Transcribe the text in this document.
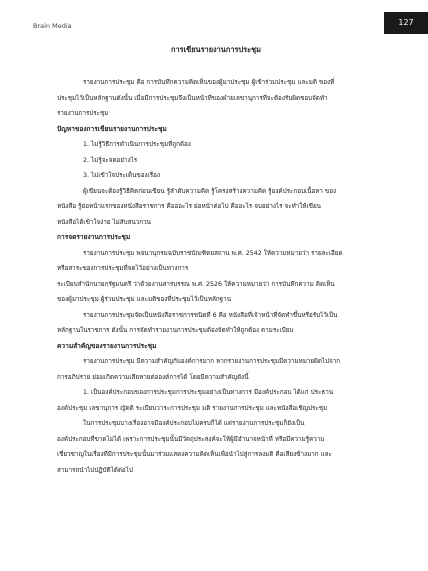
Brain Media	127
การเขียนรายงานการประชุม
รายงานการประชุม คือ การบันทึกความคิดเห็นของผู้มาประชุม ผู้เข้าร่วมประชุม และมติ ของที่
ประชุมไว้เป็นหลักฐานดังนั้น เมื่อมีการประชุมจึงเป็นหน้าที่ของฝ่ายเลขานุการที่จะต้องรับผิดชอบจัดทำ
รายงานการประชุม
ปัญหาของการเขียนรายงานการประชุม
1. ไม่รู้วิธีการดำเนินการประชุมที่ถูกต้อง
2. ไม่รู้จะจดอย่างไร
3. ไม่เข้าใจประเด็นของเรื่อง
ผู้เขียนจะต้องรู้วิธีคิดก่อนเขียน รู้ลำดับความคิด รู้โครงสร้างความคิด รู้องค์ประกอบเนื้อหา ของ
หนังสือ รู้ย่อหน้าแรกของหนังสือราชการ คือออะไร ย่อหน้าต่อไป คืออะไร จบอย่างไร จะทำให้เขียน
หนังสือได้เข้าใจง่าย ไม่สับสนวกวน
การจดรายงานการประชุม
รายงานการประชุม พจนานุกรมฉบับราชบัณฑิตยสถาน พ.ศ. 2542 ให้ความหมายว่า รายละเอียด
หรือสาระของการประชุมที่จดไว้อย่างเป็นทางการ
ระเบียบสำนักนายกรัฐมนตรี ว่าด้วยงานสารบรรณ พ.ศ. 2526 ให้ความหมายว่า การบันทึกความ คิดเห็น
ของผู้มาประชุม ผู้ร่วมประชุม และมติของที่ประชุมไว้เป็นหลักฐาน
รายงานการประชุมจัดเป็นหนังสือราชการชนิดที่ 6 คือ หนังสือที่เจ้าหน้าที่จัดทำขึ้นหรือรับไว้เป็น
หลักฐานในราชการ ดังนั้น การจัดทำรายงานการประชุมต้องจัดทำให้ถูกต้อง ตามระเบียบ
ความสำคัญของรายงานการประชุม
รายงานการประชุม มีความสำคัญกับองค์การมาก หากรายงานการประชุมมีความหมายผิดไปจาก
การอภิปราย ย่อมเกิดความเสียหายต่อองค์การได้ โดยมีความสำคัญดังนี้
1. เป็นองค์ประกอบของการประชุมการประชุมอย่างเป็นทางการ มีองค์ประกอบ ได้แก่ ประธาน
องค์ประชุม เลขานุการ ญัตติ ระเบียบวาระการประชุม มติ รายงานการประชุม และหนังสือเชิญประชุม
ในการประชุมบางเรื่องอาจมีองค์ประกอบไม่ครบก็ได้ แต่รายงานการประชุมก็ยังเป็น
องค์ประกอบที่ขาดไม่ได้ เพราะการประชุมนั้นมีวัตถุประสงค์จะให้ผู้มีอำนาจหน้าที่ หรือมีความรู้ความ
เชี่ยวชาญในเรื่องที่มีการประชุมนั้นมาร่วมแสดงความคิดเห็นเพื่อนำไปสู่การลงมติ คือเสียงข้างมาก และ
สามารถนำไปปฏิบัติได้ต่อไป
